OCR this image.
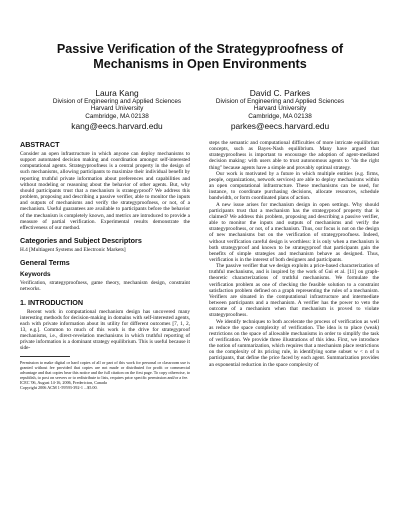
Passive Verification of the Strategyproofness of
Mechanisms in Open Environments
Laura Kang
Division of Engineering and Applied Sciences
Harvard University
Cambridge, MA 02138
kang@eecs.harvard.edu
David C. Parkes
Division of Engineering and Applied Sciences
Harvard University
Cambridge, MA 02138
parkes@eecs.harvard.edu
ABSTRACT

Consider an open infrastructure in which anyone can deploy mechanisms to support automated decision making and coordination amongst self-interested computational agents. Strategyproofness is a central property in the design of such mechanisms, allowing participants to maximize their individual benefit by reporting truthful private information about preferences and capabilities and without modeling or reasoning about the behavior of other agents. But, why should participants trust that a mechanism is strategyproof? We address this problem, proposing and describing a passive verifier, able to monitor the inputs and outputs of mechanisms and verify the strategyproofness, or not, of a mechanism. Useful guarantees are available to participants before the behavior of the mechanism is completely known, and metrics are introduced to provide a measure of partial verification. Experimental results demonstrate the effectiveness of our method.

Categories and Subject Descriptors

H.4 [Multiagent Systems and Electronic Markets]

General Terms
Keywords

Verification, strategyproofness, game theory, mechanism design, constraint networks.

1. INTRODUCTION

Recent work in computational mechanism design has uncovered many interesting methods for decision-making in domains with self-interested agents, each with private information about its utility for different outcomes [7, 1, 2, 13, e.g.]. Common to much of this work is the drive for strategyproof mechanisms, i.e., direct-revelation mechanisms in which truthful reporting of private information is a dominant strategy equilibrium. This is useful because it side-

Permission to make digital or hard copies of all or part of this work for personal or classroom use is granted without fee provided that copies are not made or distributed for profit or commercial advantage and that copies bear this notice and the full citation on the first page. To copy otherwise, to republish, to post on servers or to redistribute to lists, requires prior specific permission and/or a fee.

ICEC '06, August 14-16, 2006, Fredericton, Canada

Copyright 2006 ACM 1-59593-392-1 ...$5.00.

steps the semantic and computational difficulties of more intricate equilibrium concepts, such as Bayes-Nash equilibrium. Many have argued that strategyproofness is important to encourage the adoption of agent-mediated decision making: with users able to trust autonomous agents to "do the right thing" because agents have a simple and provably optimal strategy.

Our work is motivated by a future in which multiple entities (e.g. firms, people, organizations, network services) are able to deploy mechanisms within an open computational infrastructure. These mechanisms can be used, for instance, to coordinate purchasing decisions, allocate resources, schedule bandwidth, or form coordinated plans of action.

A new issue arises for mechanism design in open settings. Why should participants trust that a mechanism has the strategyproof property that is claimed? We address this problem, proposing and describing a passive verifier, able to monitor the inputs and outputs of mechanisms and verify the strategyproofness, or not, of a mechanism. Thus, our focus is not on the design of new mechanisms but on the verification of strategyproofness. Indeed, without verification careful design is worthless: it is only when a mechanism is both strategyproof and known to be strategyproof that participants gain the benefits of simple strategies and mechanism behave as designed. Thus, verification is in the interest of both designers and participants.

The passive verifier that we design exploits a price-based characterization of truthful mechanisms, and is inspired by the work of Gui et al. [11] on graph-theoretic characterizations of truthful mechanisms. We formulate the verification problem as one of checking the feasible solution to a constraint satisfaction problem defined on a graph representing the rules of a mechanism. Verifiers are situated in the computational infrastructure and intermediate between participants and a mechanism. A verifier has the power to veto the outcome of a mechanism when that mechanism is proved to violate strategyproofness.

We identify techniques to both accelerate the process of verification as well as reduce the space complexity of verification. The idea is to place (weak) restrictions on the space of allowable mechanisms in order to simplify the task of verification. We provide three illustrations of this idea. First, we introduce the notion of summarization, which requires that a mechanism place restrictions on the complexity of its pricing rule, in identifying some subset w < n of n participants, that define the price faced by each agent. Summarization provides an exponential reduction in the space complexity of
